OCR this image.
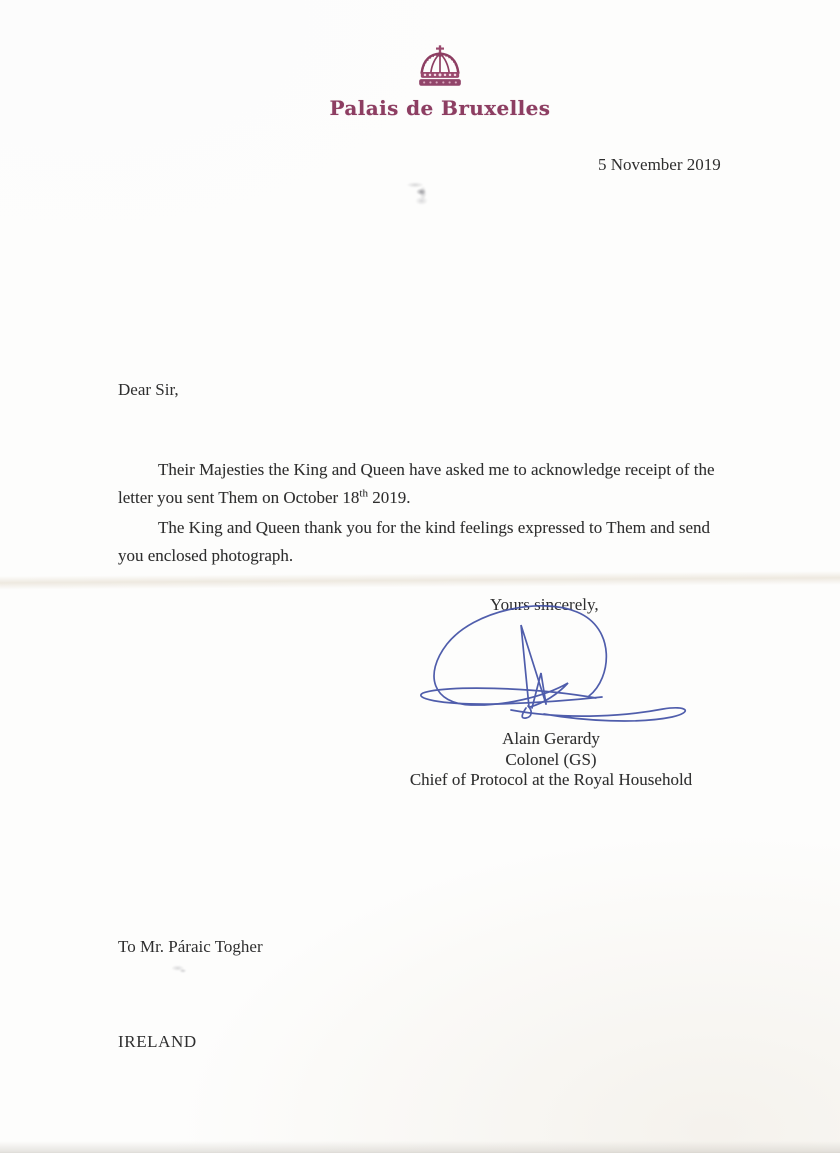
Palais de Bruxelles
5 November 2019
Dear Sir,

Their Majesties the King and Queen have asked me to acknowledge receipt of the letter you sent Them on October 18th 2019.

The King and Queen thank you for the kind feelings expressed to Them and send you enclosed photograph.

Yours sincerely,
Alain Gerardy
Colonel (GS)
Chief of Protocol at the Royal Household
To Mr. Páraic Togher
IRELAND
